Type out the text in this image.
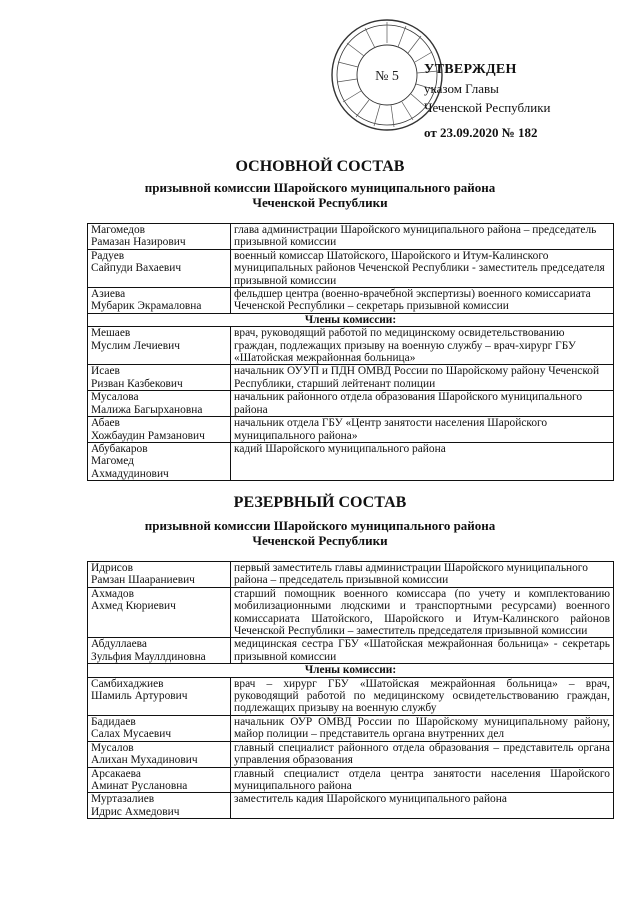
№ 5 УТВЕРЖДЕН
указом Главы
Чеченской Республики
от 23.09.2020 № 182
ОСНОВНОЙ СОСТАВ
призывной комиссии Шаройского муниципального района
Чеченской Республики
Магомедов
Рамазан Назирович	глава администрации Шаройского муниципального района – председатель призывной комиссии
Радуев
Сайпуди Вахаевич	военный комиссар Шатойского, Шаройского и Итум-Калинского муниципальных районов Чеченской Республики - заместитель председателя призывной комиссии
Азиева
Мубарик Экрамаловна	фельдшер центра (военно-врачебной экспертизы) военного комиссариата Чеченской Республики – секретарь призывной комиссии
Члены комиссии:	
Мешаев
Муслим Лечиевич	врач, руководящий работой по медицинскому освидетельствованию граждан, подлежащих призыву на военную службу – врач-хирург ГБУ «Шатойская межрайонная больница»
Исаев
Ризван Казбекович	начальник ОУУП и ПДН ОМВД России по Шаройскому району Чеченской Республики, старший лейтенант полиции
Мусалова
Малижа Багырхановна	начальник районного отдела образования Шаройского муниципального района
Абаев
Хожбаудин Рамзанович	начальник отдела ГБУ «Центр занятости населения Шаройского муниципального района»
Абубакаров
Магомед
Ахмадудинович	кадий Шаройского муниципального района
РЕЗЕРВНЫЙ СОСТАВ
призывной комиссии Шаройского муниципального района
Чеченской Республики
Идрисов
Рамзан Шаараниевич	первый заместитель главы администрации Шаройского муниципального района – председатель призывной комиссии
Ахмадов
Ахмед Кюриевич	старший помощник военного комиссара (по учету и комплектованию мобилизационными людскими и транспортными ресурсами) военного комиссариата Шатойского, Шаройского и Итум-Калинского районов Чеченской Республики – заместитель председателя призывной комиссии
Абдуллаева
Зульфия Мауллдиновна	медицинская сестра ГБУ «Шатойская межрайонная больница» - секретарь призывной комиссии
Члены комиссии:	
Самбихаджиев
Шамиль Артурович	врач – хирург ГБУ «Шатойская межрайонная больница» – врач, руководящий работой по медицинскому освидетельствованию граждан, подлежащих призыву на военную службу
Бадидаев
Салах Мусаевич	начальник ОУР ОМВД России по Шаройскому муниципальному району, майор полиции – представитель органа внутренних дел
Мусалов
Алихан Мухадинович	главный специалист районного отдела образования – представитель органа управления образования
Арсакаева
Аминат Руслановна	главный специалист отдела центра занятости населения Шаройского муниципального района
Муртазалиев
Идрис Ахмедович	заместитель кадия Шаройского муниципального района
